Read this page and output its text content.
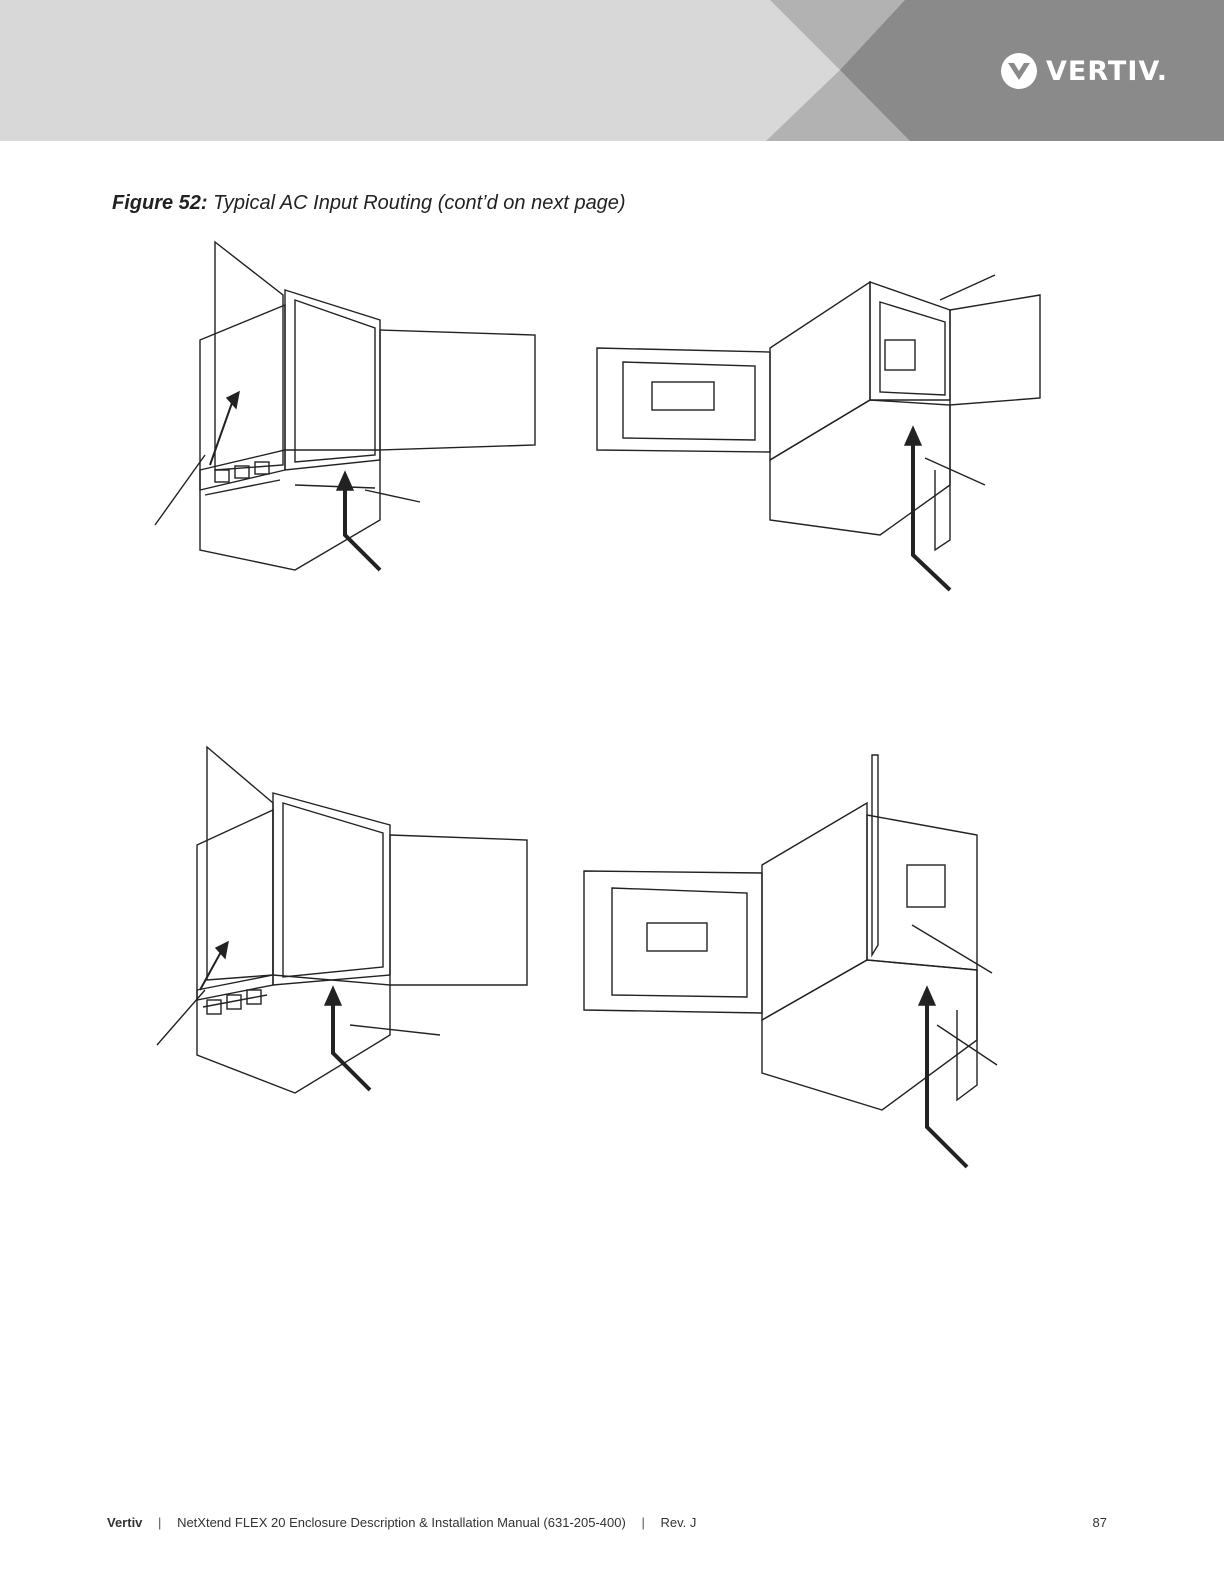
VERTIV.
Figure 52: Typical AC Input Routing (cont’d on next page)
Vertiv | NetXtend FLEX 20 Enclosure Description & Installation Manual (631-205-400) | Rev. J	87
